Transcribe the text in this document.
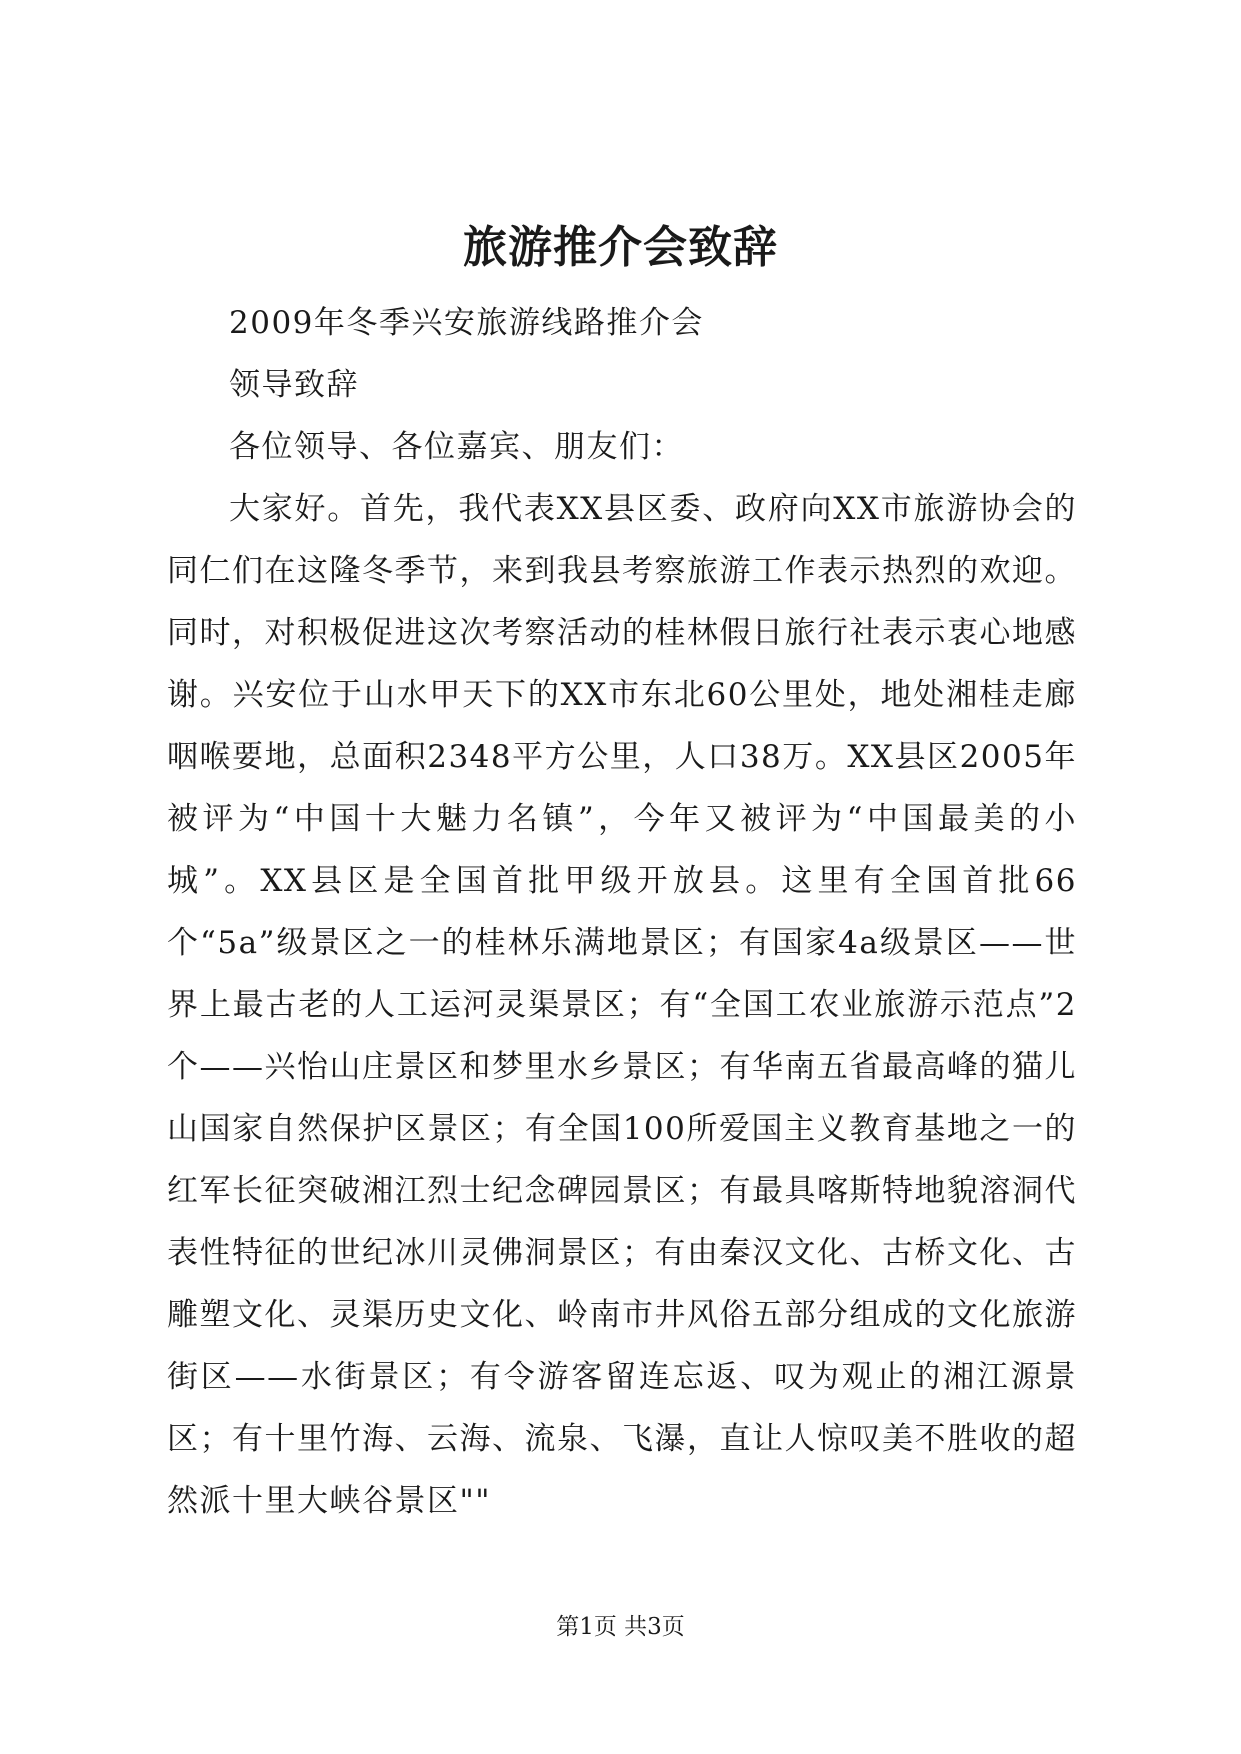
旅游推介会致辞

2009年冬季兴安旅游线路推介会

领导致辞

各位领导、各位嘉宾、朋友们：

大家好。首先，我代表XX县区委、政府向XX市旅游协会的同仁们在这隆冬季节，来到我县考察旅游工作表示热烈的欢迎。同时，对积极促进这次考察活动的桂林假日旅行社表示衷心地感谢。兴安位于山水甲天下的XX市东北60公里处，地处湘桂走廊咽喉要地，总面积2348平方公里，人口38万。XX县区2005年被评为“中国十大魅力名镇”，今年又被评为“中国最美的小城”。XX县区是全国首批甲级开放县。这里有全国首批66个“5a”级景区之一的桂林乐满地景区；有国家4a级景区——世界上最古老的人工运河灵渠景区；有“全国工农业旅游示范点”2个——兴怡山庄景区和梦里水乡景区；有华南五省最高峰的猫儿山国家自然保护区景区；有全国100所爱国主义教育基地之一的红军长征突破湘江烈士纪念碑园景区；有最具喀斯特地貌溶洞代表性特征的世纪冰川灵佛洞景区；有由秦汉文化、古桥文化、古雕塑文化、灵渠历史文化、岭南市井风俗五部分组成的文化旅游街区——水街景区；有令游客留连忘返、叹为观止的湘江源景区；有十里竹海、云海、流泉、飞瀑，直让人惊叹美不胜收的超然派十里大峡谷景区""

第1页 共3页
